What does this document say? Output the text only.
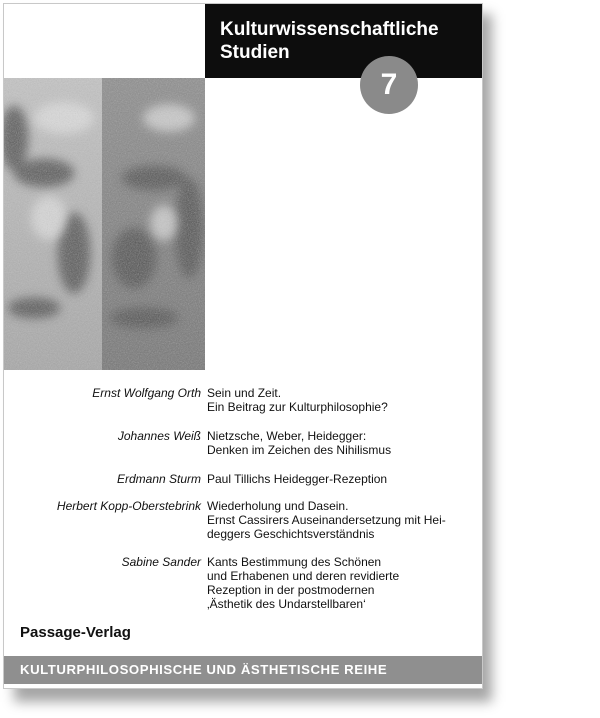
Kulturwissenschaftliche
Studien
7
Ernst Wolfgang Orth Sein und Zeit.
Ein Beitrag zur Kulturphilosophie?
Johannes Weiß Nietzsche, Weber, Heidegger:
Denken im Zeichen des Nihilismus
Erdmann Sturm Paul Tillichs Heidegger-Rezeption
Herbert Kopp-Oberstebrink Wiederholung und Dasein.
Ernst Cassirers Auseinandersetzung mit Hei-
deggers Geschichtsverständnis
Sabine Sander Kants Bestimmung des Schönen
und Erhabenen und deren revidierte
Rezeption in der postmodernen
‚Ästhetik des Undarstellbaren‘
Passage-Verlag
KULTURPHILOSOPHISCHE UND ÄSTHETISCHE REIHE
